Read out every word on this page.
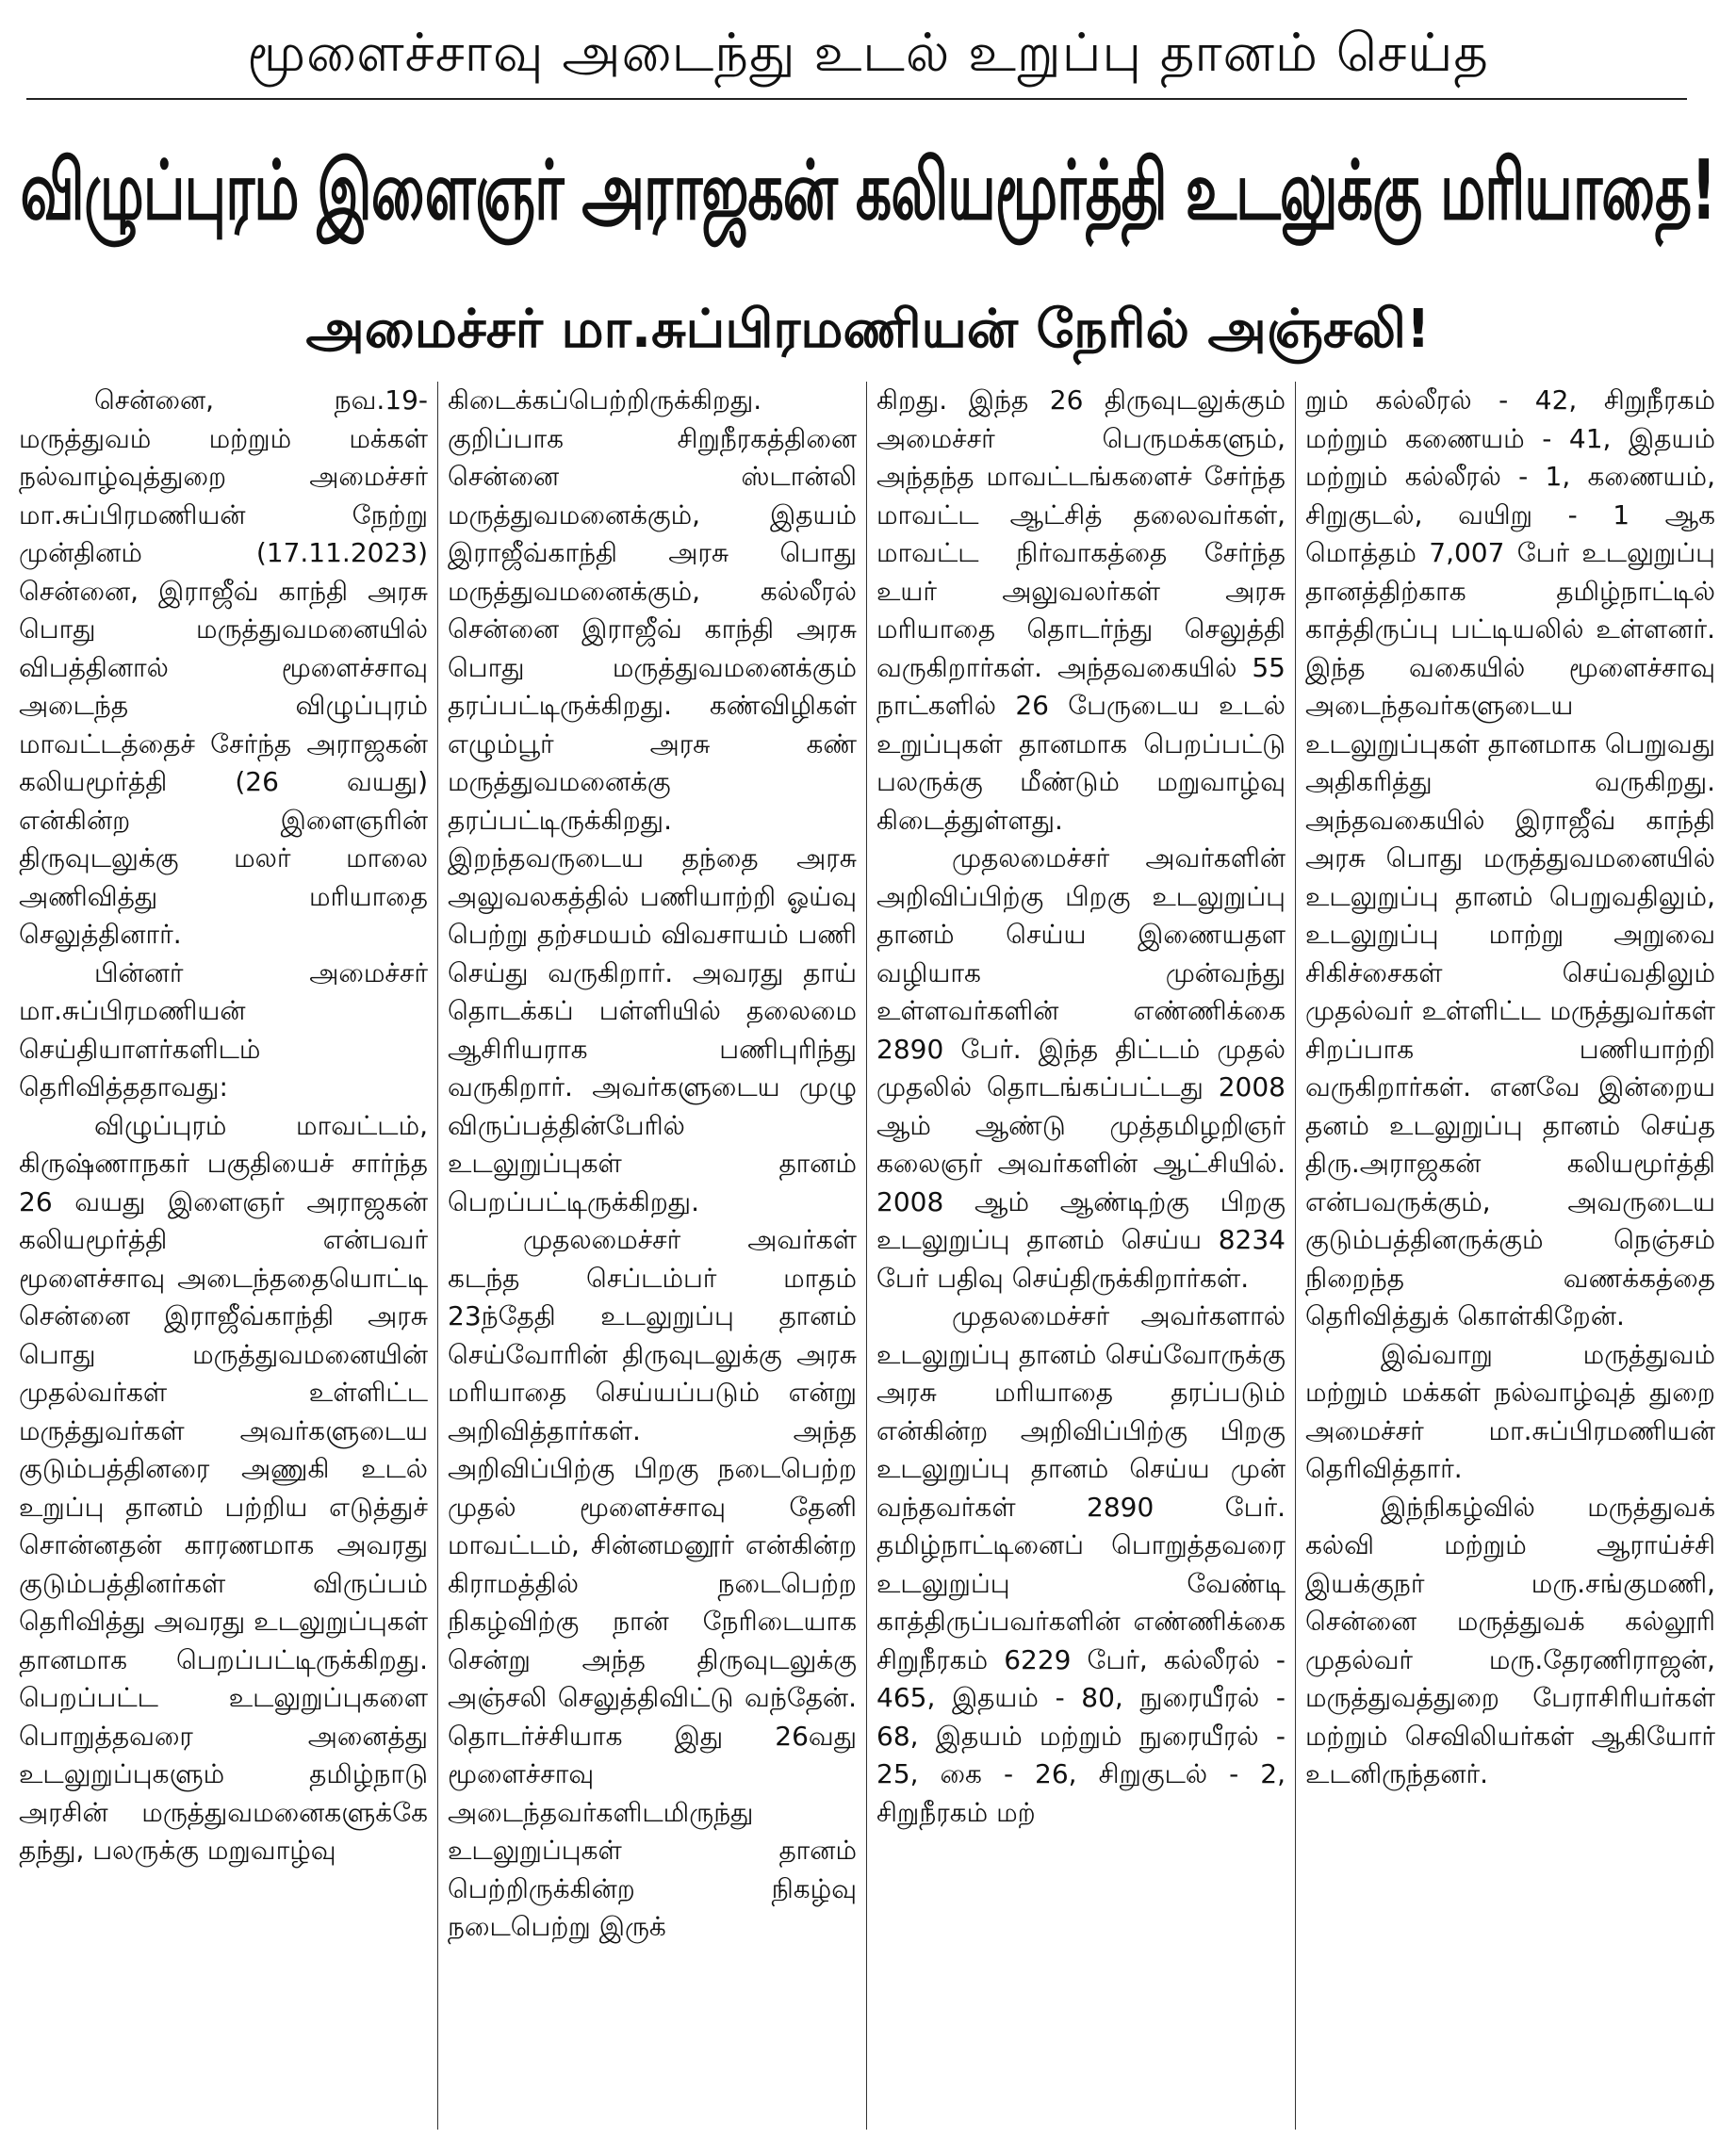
மூளைச்சாவு அடைந்து உடல் உறுப்பு தானம் செய்த
விழுப்புரம் இளைஞர் அராஜகன் கலியமூர்த்தி உடலுக்கு மரியாதை!
அமைச்சர் மா.சுப்பிரமணியன் நேரில் அஞ்சலி!

சென்னை, நவ.19- மருத்துவம் மற்றும் மக்கள் நல்வாழ்வுத்துறை அமைச்சர் மா.சுப்பிரமணியன் நேற்று முன்தினம் (17.11.2023) சென்னை, இராஜீவ் காந்தி அரசு பொது மருத்துவமனையில் விபத்தினால் மூளைச்சாவு அடைந்த விழுப்புரம் மாவட்டத்தைச் சேர்ந்த அராஜகன் கலியமூர்த்தி (26 வயது) என்கின்ற இளைஞரின் திருவுடலுக்கு மலர் மாலை அணிவித்து மரியாதை செலுத்தினார்.

பின்னர் அமைச்சர் மா.சுப்பிரமணியன் செய்தியாளர்களிடம் தெரிவித்ததாவது:

விழுப்புரம் மாவட்டம், கிருஷ்ணாநகர் பகுதியைச் சார்ந்த 26 வயது இளைஞர் அராஜகன் கலியமூர்த்தி என்பவர் மூளைச்சாவு அடைந்ததையொட்டி சென்னை இராஜீவ்காந்தி அரசு பொது மருத்துவமனையின் முதல்வர்கள் உள்ளிட்ட மருத்துவர்கள் அவர்களுடைய குடும்பத்தினரை அணுகி உடல் உறுப்பு தானம் பற்றிய எடுத்துச் சொன்னதன் காரணமாக அவரது குடும்பத்தினர்கள் விருப்பம் தெரிவித்து அவரது உடலுறுப்புகள் தானமாக பெறப்பட்டிருக்கிறது. பெறப்பட்ட உடலுறுப்புகளை பொறுத்தவரை அனைத்து உடலுறுப்புகளும் தமிழ்நாடு அரசின் மருத்துவமனைகளுக்கே தந்து, பலருக்கு மறுவாழ்வு

கிடைக்கப்பெற்றிருக்கிறது. குறிப்பாக சிறுநீரகத்தினை சென்னை ஸ்டான்லி மருத்துவமனைக்கும், இதயம் இராஜீவ்காந்தி அரசு பொது மருத்துவமனைக்கும், கல்லீரல் சென்னை இராஜீவ் காந்தி அரசு பொது மருத்துவமனைக்கும் தரப்பட்டிருக்கிறது. கண்விழிகள் எழும்பூர் அரசு கண் மருத்துவமனைக்கு தரப்பட்டிருக்கிறது. இறந்தவருடைய தந்தை அரசு அலுவலகத்தில் பணியாற்றி ஓய்வு பெற்று தற்சமயம் விவசாயம் பணி செய்து வருகிறார். அவரது தாய் தொடக்கப் பள்ளியில் தலைமை ஆசிரியராக பணிபுரிந்து வருகிறார். அவர்களுடைய முழு விருப்பத்தின்பேரில் உடலுறுப்புகள் தானம் பெறப்பட்டிருக்கிறது.

முதலமைச்சர் அவர்கள் கடந்த செப்டம்பர் மாதம் 23ந்தேதி உடலுறுப்பு தானம் செய்வோரின் திருவுடலுக்கு அரசு மரியாதை செய்யப்படும் என்று அறிவித்தார்கள். அந்த அறிவிப்பிற்கு பிறகு நடைபெற்ற முதல் மூளைச்சாவு தேனி மாவட்டம், சின்னமனூர் என்கின்ற கிராமத்தில் நடைபெற்ற நிகழ்விற்கு நான் நேரிடையாக சென்று அந்த திருவுடலுக்கு அஞ்சலி செலுத்திவிட்டு வந்தேன். தொடர்ச்சியாக இது 26வது மூளைச்சாவு அடைந்தவர்களிடமிருந்து உடலுறுப்புகள் தானம் பெற்றிருக்கின்ற நிகழ்வு நடைபெற்று இருக்

கிறது. இந்த 26 திருவுடலுக்கும் அமைச்சர் பெருமக்களும், அந்தந்த மாவட்டங்களைச் சேர்ந்த மாவட்ட ஆட்சித் தலைவர்கள், மாவட்ட நிர்வாகத்தை சேர்ந்த உயர் அலுவலர்கள் அரசு மரியாதை தொடர்ந்து செலுத்தி வருகிறார்கள். அந்தவகையில் 55 நாட்களில் 26 பேருடைய உடல் உறுப்புகள் தானமாக பெறப்பட்டு பலருக்கு மீண்டும் மறுவாழ்வு கிடைத்துள்ளது.

முதலமைச்சர் அவர்களின் அறிவிப்பிற்கு பிறகு உடலுறுப்பு தானம் செய்ய இணையதள வழியாக முன்வந்து உள்ளவர்களின் எண்ணிக்கை 2890 பேர். இந்த திட்டம் முதல் முதலில் தொடங்கப்பட்டது 2008 ஆம் ஆண்டு முத்தமிழறிஞர் கலைஞர் அவர்களின் ஆட்சியில். 2008 ஆம் ஆண்டிற்கு பிறகு உடலுறுப்பு தானம் செய்ய 8234 பேர் பதிவு செய்திருக்கிறார்கள்.

முதலமைச்சர் அவர்களால் உடலுறுப்பு தானம் செய்வோருக்கு அரசு மரியாதை தரப்படும் என்கின்ற அறிவிப்பிற்கு பிறகு உடலுறுப்பு தானம் செய்ய முன் வந்தவர்கள் 2890 பேர். தமிழ்நாட்டினைப் பொறுத்தவரை உடலுறுப்பு வேண்டி காத்திருப்பவர்களின் எண்ணிக்கை சிறுநீரகம் 6229 பேர், கல்லீரல் - 465, இதயம் - 80, நுரையீரல் - 68, இதயம் மற்றும் நுரையீரல் - 25, கை - 26, சிறுகுடல் - 2, சிறுநீரகம் மற்

றும் கல்லீரல் - 42, சிறுநீரகம் மற்றும் கணையம் - 41, இதயம் மற்றும் கல்லீரல் - 1, கணையம், சிறுகுடல், வயிறு - 1 ஆக மொத்தம் 7,007 பேர் உடலுறுப்பு தானத்திற்காக தமிழ்நாட்டில் காத்திருப்பு பட்டியலில் உள்ளனர். இந்த வகையில் மூளைச்சாவு அடைந்தவர்களுடைய உடலுறுப்புகள் தானமாக பெறுவது அதிகரித்து வருகிறது. அந்தவகையில் இராஜீவ் காந்தி அரசு பொது மருத்துவமனையில் உடலுறுப்பு தானம் பெறுவதிலும், உடலுறுப்பு மாற்று அறுவை சிகிச்சைகள் செய்வதிலும் முதல்வர் உள்ளிட்ட மருத்துவர்கள் சிறப்பாக பணியாற்றி வருகிறார்கள். எனவே இன்றைய தனம் உடலுறுப்பு தானம் செய்த திரு.அராஜகன் கலியமூர்த்தி என்பவருக்கும், அவருடைய குடும்பத்தினருக்கும் நெஞ்சம் நிறைந்த வணக்கத்தை தெரிவித்துக் கொள்கிறேன்.

இவ்வாறு மருத்துவம் மற்றும் மக்கள் நல்வாழ்வுத் துறை அமைச்சர் மா.சுப்பிரமணியன் தெரிவித்தார்.

இந்நிகழ்வில் மருத்துவக் கல்வி மற்றும் ஆராய்ச்சி இயக்குநர் மரு.சங்குமணி, சென்னை மருத்துவக் கல்லூரி முதல்வர் மரு.தேரணிராஜன், மருத்துவத்துறை பேராசிரியர்கள் மற்றும் செவிலியர்கள் ஆகியோர் உடனிருந்தனர்.
